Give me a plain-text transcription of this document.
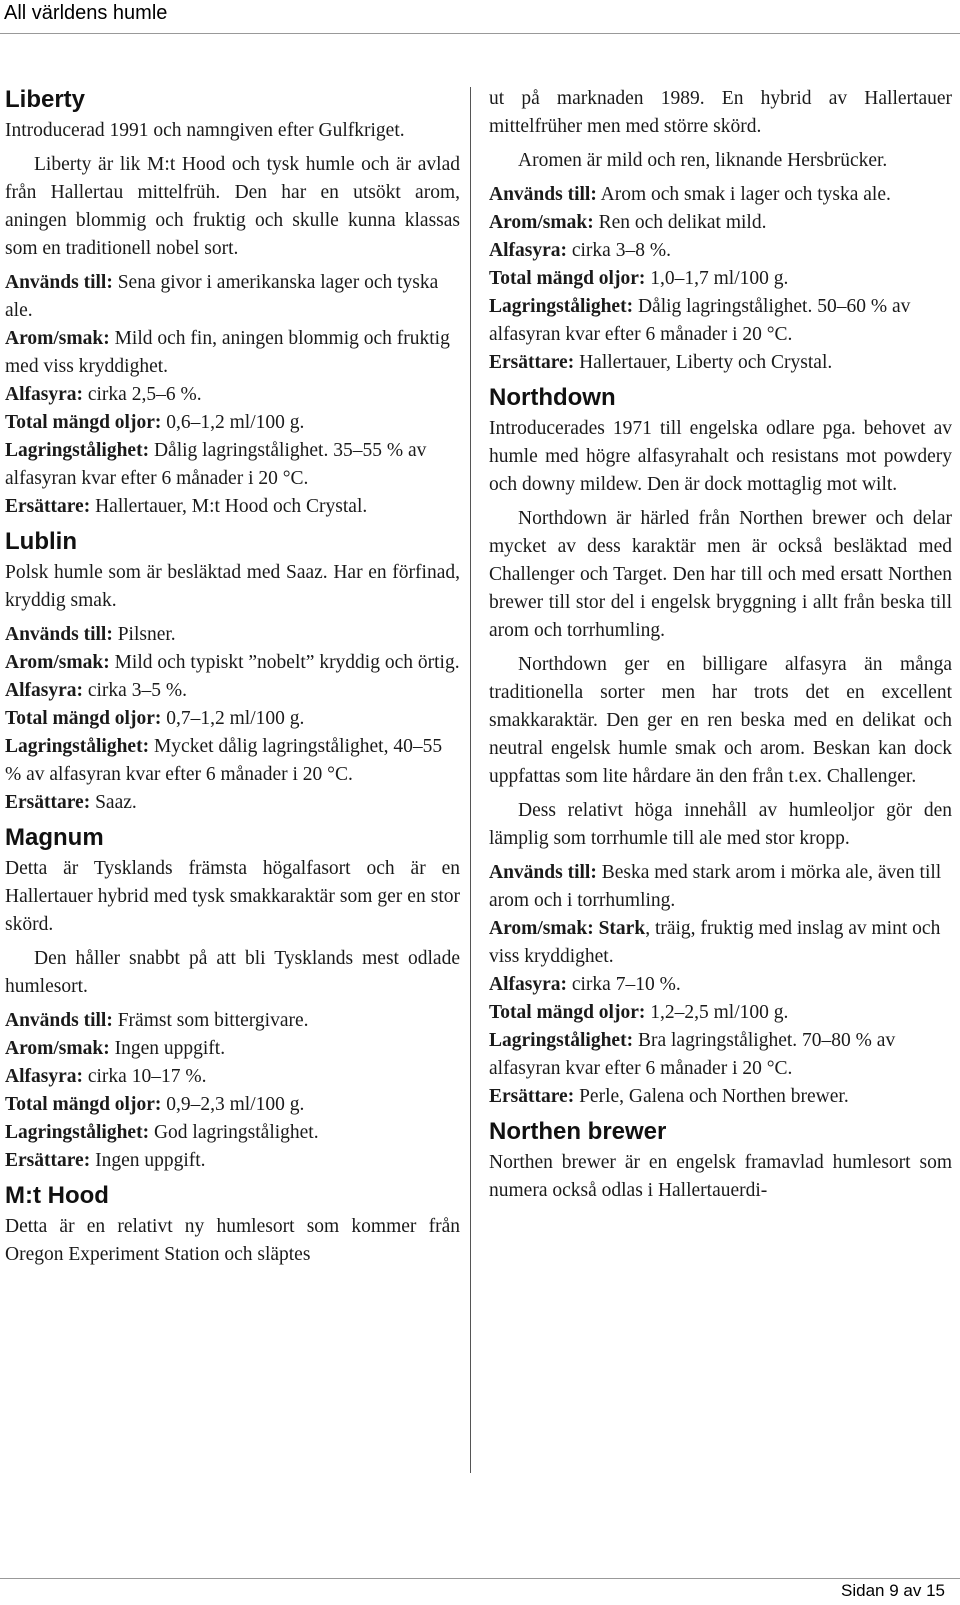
All världens humle
Liberty

Introducerad 1991 och namngiven efter Gulfkriget.

Liberty är lik M:t Hood och tysk humle och är avlad från Hallertau mittelfrüh. Den har en utsökt arom, aningen blommig och fruktig och skulle kunna klassas som en traditionell nobel sort.

Används till: Sena givor i amerikanska lager och tyska ale.

Arom/smak: Mild och fin, aningen blommig och fruktig med viss kryddighet.

Alfasyra: cirka 2,5–6 %.

Total mängd oljor: 0,6–1,2 ml/100 g.

Lagringstålighet: Dålig lagringstålighet. 35–55 % av alfasyran kvar efter 6 månader i 20 °C.

Ersättare: Hallertauer, M:t Hood och Crystal.

Lublin

Polsk humle som är besläktad med Saaz. Har en förfinad, kryddig smak.

Används till: Pilsner.

Arom/smak: Mild och typiskt ”nobelt” kryddig och örtig.

Alfasyra: cirka 3–5 %.

Total mängd oljor: 0,7–1,2 ml/100 g.

Lagringstålighet: Mycket dålig lagringstålighet, 40–55 % av alfasyran kvar efter 6 månader i 20 °C.

Ersättare: Saaz.

Magnum

Detta är Tysklands främsta högalfasort och är en Hallertauer hybrid med tysk smakkaraktär som ger en stor skörd.

Den håller snabbt på att bli Tysklands mest odlade humlesort.

Används till: Främst som bittergivare.

Arom/smak: Ingen uppgift.

Alfasyra: cirka 10–17 %.

Total mängd oljor: 0,9–2,3 ml/100 g.

Lagringstålighet: God lagringstålighet.

Ersättare: Ingen uppgift.

M:t Hood

Detta är en relativt ny humlesort som kommer från Oregon Experiment Station och släptes

ut på marknaden 1989. En hybrid av Hallertauer mittelfrüher men med större skörd.

Aromen är mild och ren, liknande Hersbrücker.

Används till: Arom och smak i lager och tyska ale.

Arom/smak: Ren och delikat mild.

Alfasyra: cirka 3–8 %.

Total mängd oljor: 1,0–1,7 ml/100 g.

Lagringstålighet: Dålig lagringstålighet. 50–60 % av alfasyran kvar efter 6 månader i 20 °C.

Ersättare: Hallertauer, Liberty och Crystal.

Northdown

Introducerades 1971 till engelska odlare pga. behovet av humle med högre alfasyrahalt och resistans mot powdery och downy mildew. Den är dock mottaglig mot wilt.

Northdown är härled från Northen brewer och delar mycket av dess karaktär men är också besläktad med Challenger och Target. Den har till och med ersatt Northen brewer till stor del i engelsk bryggning i allt från beska till arom och torrhumling.

Northdown ger en billigare alfasyra än många traditionella sorter men har trots det en excellent smakkaraktär. Den ger en ren beska med en delikat och neutral engelsk humle smak och arom. Beskan kan dock uppfattas som lite hårdare än den från t.ex. Challenger.

Dess relativt höga innehåll av humleoljor gör den lämplig som torrhumle till ale med stor kropp.

Används till: Beska med stark arom i mörka ale, även till arom och i torrhumling.

Arom/smak: Stark, träig, fruktig med inslag av mint och viss kryddighet.

Alfasyra: cirka 7–10 %.

Total mängd oljor: 1,2–2,5 ml/100 g.

Lagringstålighet: Bra lagringstålighet. 70–80 % av alfasyran kvar efter 6 månader i 20 °C.

Ersättare: Perle, Galena och Northen brewer.

Northen brewer

Northen brewer är en engelsk framavlad humlesort som numera också odlas i Hallertauerdi-

Sidan 9 av 15
